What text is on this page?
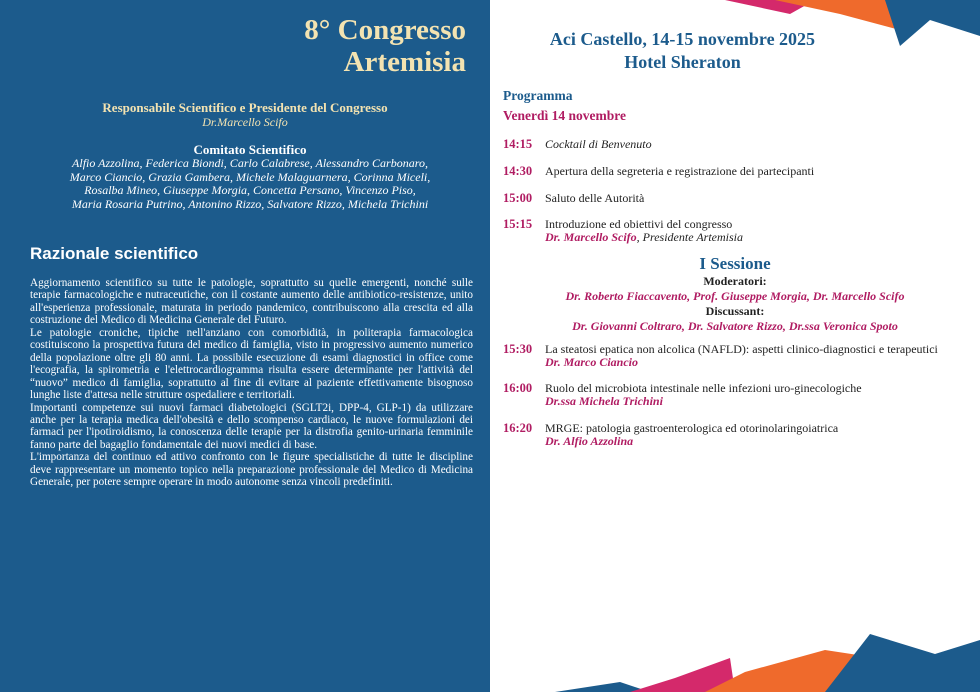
8° Congresso
Artemisia
Responsabile Scientifico e Presidente del Congresso
Dr.Marcello Scifo
Comitato Scientifico
Alfio Azzolina, Federica Biondi, Carlo Calabrese, Alessandro Carbonaro,
Marco Ciancio, Grazia Gambera, Michele Malaguarnera, Corinna Miceli,
Rosalba Mineo, Giuseppe Morgia, Concetta Persano, Vincenzo Piso,
Maria Rosaria Putrino, Antonino Rizzo, Salvatore Rizzo, Michela Trichini
Razionale scientifico

Aggiornamento scientifico su tutte le patologie, soprattutto su quelle emergenti, nonché sulle terapie farmacologiche e nutraceutiche, con il costante aumento delle antibiotico-resistenze, unito all'esperienza professionale, maturata in periodo pandemico, contribuiscono alla crescita ed alla costruzione del Medico di Medicina Generale del Futuro.

Le patologie croniche, tipiche nell'anziano con comorbidità, in politerapia farmacologica costituiscono la prospettiva futura del medico di famiglia, visto in progressivo aumento numerico della popolazione oltre gli 80 anni. La possibile esecuzione di esami diagnostici in office come l'ecografia, la spirometria e l'elettrocardiogramma risulta essere determinante per l'attività del “nuovo” medico di famiglia, soprattutto al fine di evitare al paziente effettivamente bisognoso lunghe liste d'attesa nelle strutture ospedaliere e territoriali.

Importanti competenze sui nuovi farmaci diabetologici (SGLT2i, DPP-4, GLP-1) da utilizzare anche per la terapia medica dell'obesità e dello scompenso cardiaco, le nuove formulazioni dei farmaci per l'ipotiroidismo, la conoscenza delle terapie per la distrofia genito-urinaria femminile fanno parte del bagaglio fondamentale dei nuovi medici di base.

L'importanza del continuo ed attivo confronto con le figure specialistiche di tutte le discipline deve rappresentare un momento topico nella preparazione professionale del Medico di Medicina Generale, per potere sempre operare in modo autonome senza vincoli predefiniti.

Aci Castello, 14-15 novembre 2025
Hotel Sheraton
Programma
Venerdì 14 novembre
14:15 Cocktail di Benvenuto
14:30 Apertura della segreteria e registrazione dei partecipanti
15:00 Saluto delle Autorità
15:15 Introduzione ed obiettivi del congresso
Dr. Marcello Scifo, Presidente Artemisia
I Sessione
Moderatori:
Dr. Roberto Fiaccavento, Prof. Giuseppe Morgia, Dr. Marcello Scifo
Discussant:
Dr. Giovanni Coltraro, Dr. Salvatore Rizzo, Dr.ssa Veronica Spoto
15:30 La steatosi epatica non alcolica (NAFLD): aspetti clinico-diagnostici e terapeutici
Dr. Marco Ciancio
16:00 Ruolo del microbiota intestinale nelle infezioni uro-ginecologiche
Dr.ssa Michela Trichini
16:20 MRGE: patologia gastroenterologica ed otorinolaringoiatrica
Dr. Alfio Azzolina
